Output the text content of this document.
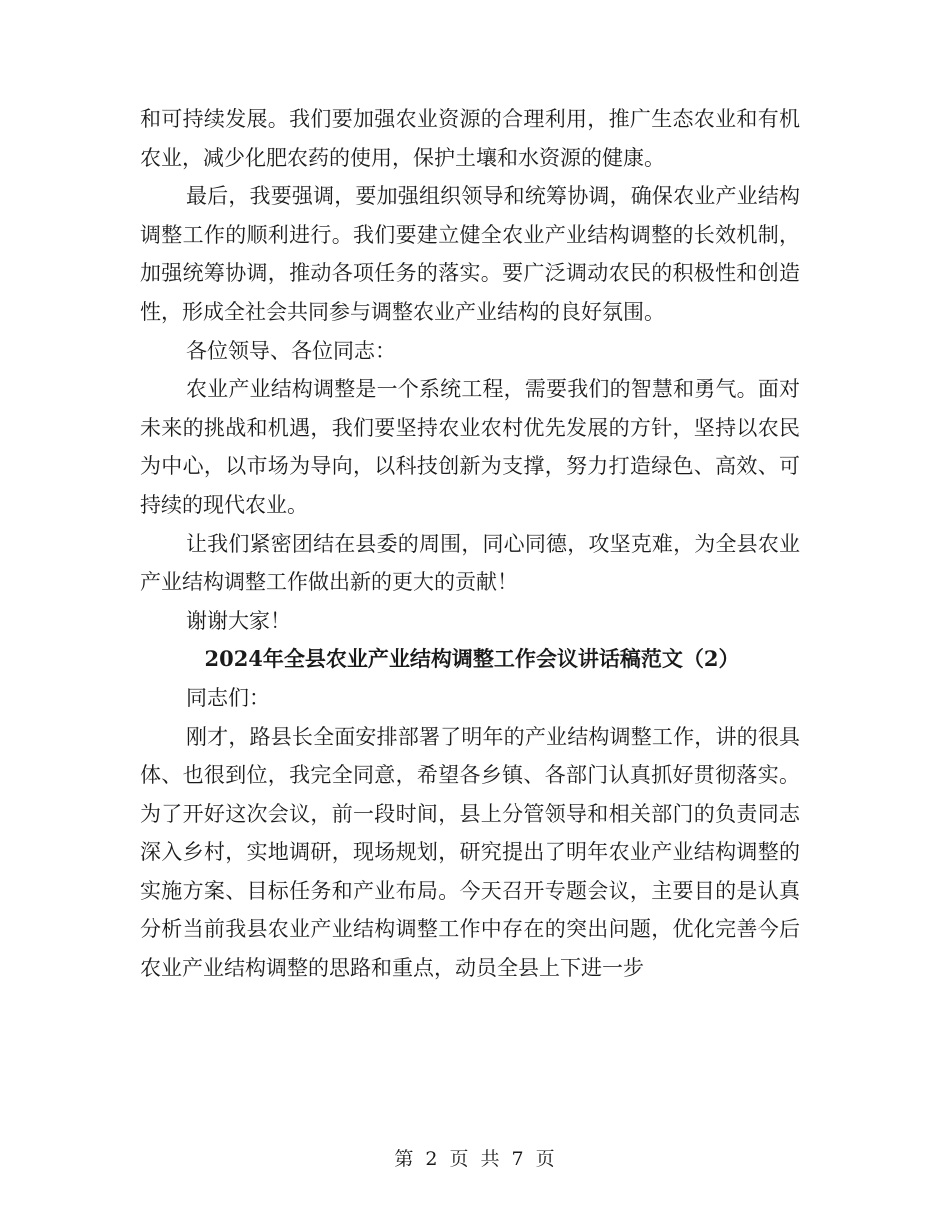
和可持续发展。我们要加强农业资源的合理利用，推广生态农业和有机农业，减少化肥农药的使用，保护土壤和水资源的健康。

最后，我要强调，要加强组织领导和统筹协调，确保农业产业结构调整工作的顺利进行。我们要建立健全农业产业结构调整的长效机制，加强统筹协调，推动各项任务的落实。要广泛调动农民的积极性和创造性，形成全社会共同参与调整农业产业结构的良好氛围。

各位领导、各位同志：

农业产业结构调整是一个系统工程，需要我们的智慧和勇气。面对未来的挑战和机遇，我们要坚持农业农村优先发展的方针，坚持以农民为中心，以市场为导向，以科技创新为支撑，努力打造绿色、高效、可持续的现代农业。

让我们紧密团结在县委的周围，同心同德，攻坚克难，为全县农业产业结构调整工作做出新的更大的贡献！

谢谢大家！

2024年全县农业产业结构调整工作会议讲话稿范文（2）

同志们：

刚才，路县长全面安排部署了明年的产业结构调整工作，讲的很具体、也很到位，我完全同意，希望各乡镇、各部门认真抓好贯彻落实。为了开好这次会议，前一段时间，县上分管领导和相关部门的负责同志深入乡村，实地调研，现场规划，研究提出了明年农业产业结构调整的实施方案、目标任务和产业布局。今天召开专题会议，主要目的是认真分析当前我县农业产业结构调整工作中存在的突出问题，优化完善今后农业产业结构调整的思路和重点，动员全县上下进一步

第 2 页 共 7 页
